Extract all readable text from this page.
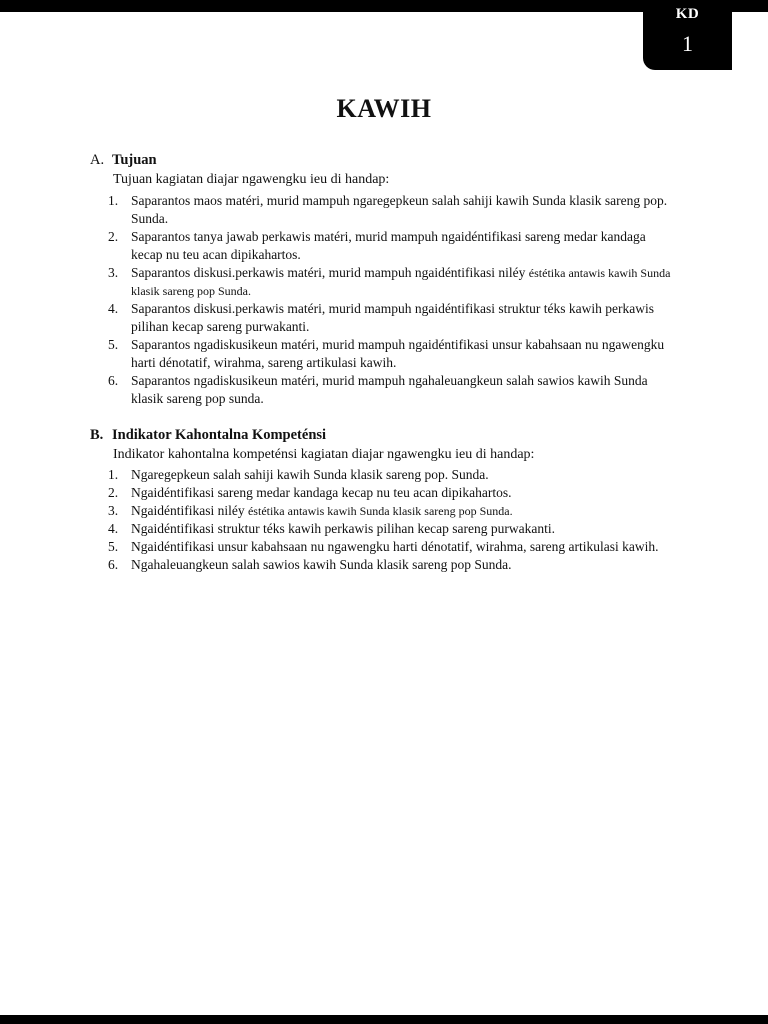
KD
1
KAWIH
A. Tujuan
Tujuan kagiatan diajar ngawengku ieu di handap:
1. Saparantos maos matéri, murid mampuh ngaregepkeun salah sahiji kawih Sunda klasik sareng pop. Sunda.
2. Saparantos tanya jawab perkawis matéri, murid mampuh ngaidéntifikasi sareng medar kandaga kecap nu teu acan dipikahartos.
3. Saparantos diskusi.perkawis matéri, murid mampuh ngaidéntifikasi niléy éstétika antawis kawih Sunda klasik sareng pop Sunda.
4. Saparantos diskusi.perkawis matéri, murid mampuh ngaidéntifikasi struktur téks kawih perkawis pilihan kecap sareng purwakanti.
5. Saparantos ngadiskusikeun matéri, murid mampuh ngaidéntifikasi unsur kabahsaan nu ngawengku harti dénotatif, wirahma, sareng artikulasi kawih.
6. Saparantos ngadiskusikeun matéri, murid mampuh ngahaleuangkeun salah sawios kawih Sunda klasik sareng pop sunda.
B. Indikator Kahontalna Kompeténsi
Indikator kahontalna kompeténsi kagiatan diajar ngawengku ieu di handap:
1. Ngaregepkeun salah sahiji kawih Sunda klasik sareng pop. Sunda.
2. Ngaidéntifikasi sareng medar kandaga kecap nu teu acan dipikahartos.
3. Ngaidéntifikasi niléy éstétika antawis kawih Sunda klasik sareng pop Sunda.
4. Ngaidéntifikasi struktur téks kawih perkawis pilihan kecap sareng purwakanti.
5. Ngaidéntifikasi unsur kabahsaan nu ngawengku harti dénotatif, wirahma, sareng artikulasi kawih.
6. Ngahaleuangkeun salah sawios kawih Sunda klasik sareng pop Sunda.
